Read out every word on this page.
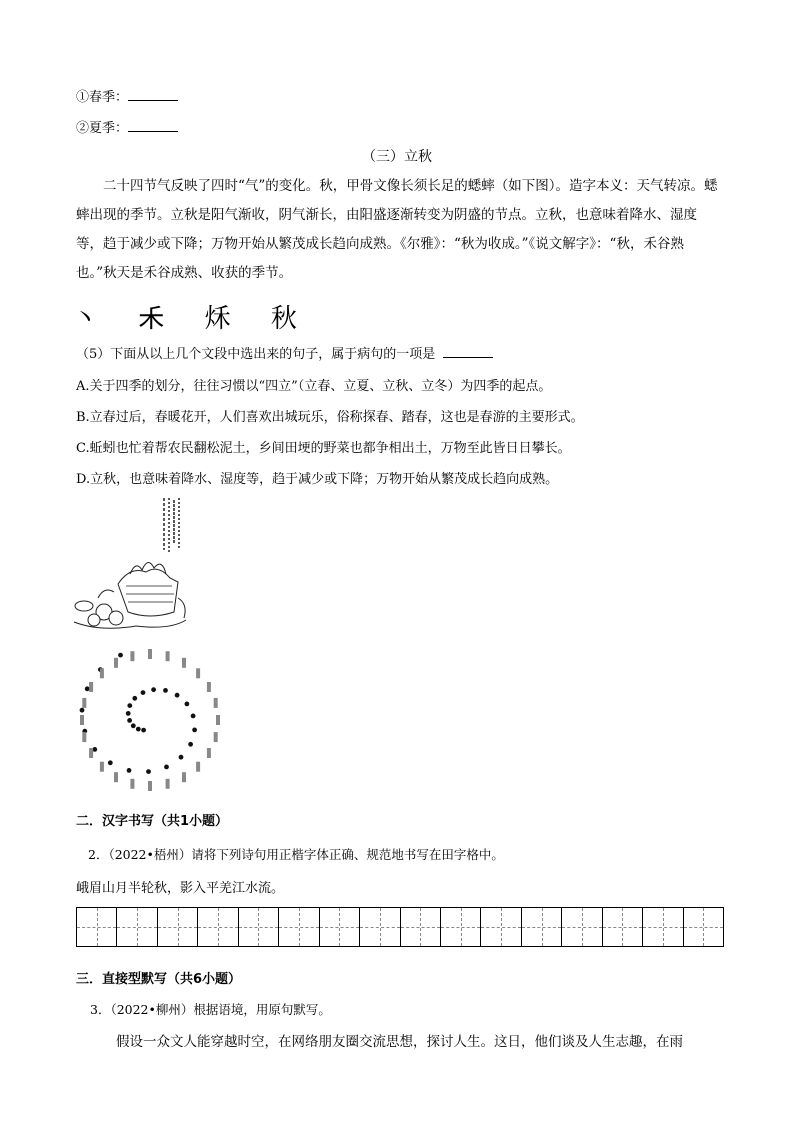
①春季：
②夏季：
（三）立秋
二十四节气反映了四时“气”的变化。秋，甲骨文像长须长足的蟋蟀（如下图）。造字本义：天气转凉。蟋蟀出现的季节。立秋是阳气渐收，阴气渐长，由阳盛逐渐转变为阴盛的节点。立秋，也意味着降水、湿度等，趋于减少或下降；万物开始从繁茂成长趋向成熟。《尔雅》：“秋为收成。”《说文解字》：“秋，禾谷熟也。”秋天是禾谷成熟、收获的季节。
丶 𥝌 秌 秋
（5）下面从以上几个文段中选出来的句子，属于病句的一项是
A.关于四季的划分，往往习惯以“四立”（立春、立夏、立秋、立冬）为四季的起点。
B.立春过后，春暖花开，人们喜欢出城玩乐，俗称探春、踏春，这也是春游的主要形式。
C.蚯蚓也忙着帮农民翻松泥土，乡间田埂的野菜也都争相出土，万物至此皆日日攀长。
D.立秋，也意味着降水、湿度等，趋于减少或下降；万物开始从繁茂成长趋向成熟。
二．汉字书写（共1小题）
2．（2022•梧州）请将下列诗句用正楷字体正确、规范地书写在田字格中。
峨眉山月半轮秋，影入平羌江水流。
三．直接型默写（共6小题）
3．（2022•柳州）根据语境，用原句默写。
假设一众文人能穿越时空，在网络朋友圈交流思想，探讨人生。这日，他们谈及人生志趣，在雨
